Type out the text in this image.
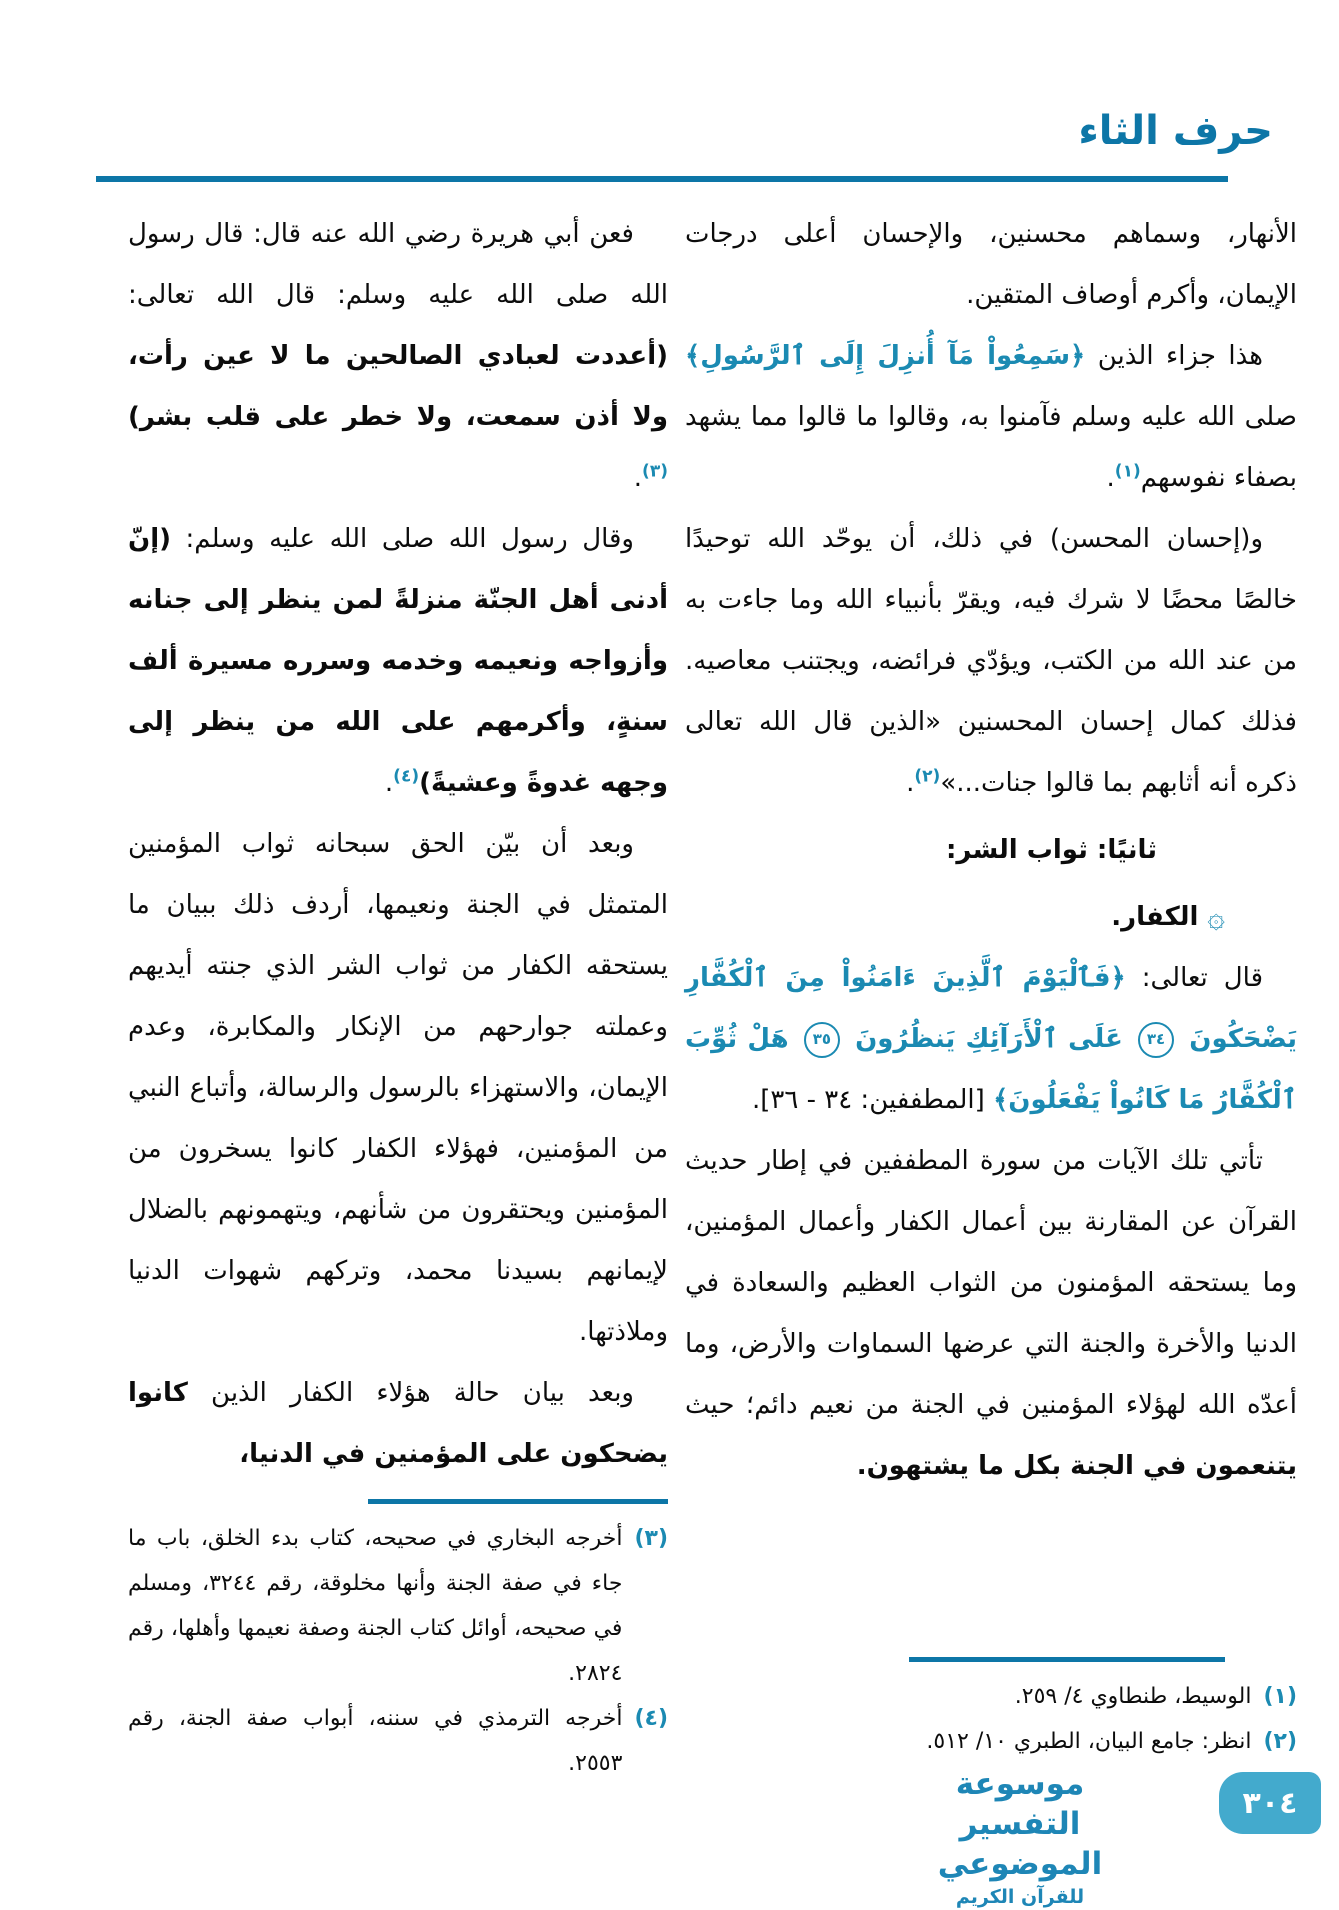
حرف الثاء

الأنهار، وسماهم محسنين، والإحسان أعلى درجات الإيمان، وأكرم أوصاف المتقين.

هذا جزاء الذين ﴿سَمِعُواْ مَآ أُنزِلَ إِلَى ٱلرَّسُولِ﴾ صلى الله عليه وسلم فآمنوا به، وقالوا ما قالوا مما يشهد بصفاء نفوسهم$^{(١)}$.

و(إحسان المحسن) في ذلك، أن يوحّد الله توحيدًا خالصًا محضًا لا شرك فيه، ويقرّ بأنبياء الله وما جاءت به من عند الله من الكتب، ويؤدّي فرائضه، ويجتنب معاصيه. فذلك كمال إحسان المحسنين «الذين قال الله تعالى ذكره أنه أثابهم بما قالوا جنات...»$^{(٢)}$.

ثانيًا: ثواب الشر:

۞ الكفار.

قال تعالى: ﴿فَٱلْيَوْمَ ٱلَّذِينَ ءَامَنُواْ مِنَ ٱلْكُفَّارِ يَضْحَكُونَ ٣٤ عَلَى ٱلْأَرَآئِكِ يَنظُرُونَ ٣٥ هَلْ ثُوِّبَ ٱلْكُفَّارُ مَا كَانُواْ يَفْعَلُونَ﴾ [المطففين: ٣٤ - ٣٦].

تأتي تلك الآيات من سورة المطففين في إطار حديث القرآن عن المقارنة بين أعمال الكفار وأعمال المؤمنين، وما يستحقه المؤمنون من الثواب العظيم والسعادة في الدنيا والأخرة والجنة التي عرضها السماوات والأرض، وما أعدّه الله لهؤلاء المؤمنين في الجنة من نعيم دائم؛ حيث يتنعمون في الجنة بكل ما يشتهون.

(١)
الوسيط، طنطاوي ٤/ ٢٥٩.
(٢)
انظر: جامع البيان، الطبري ١٠/ ٥١٢.

فعن أبي هريرة رضي الله عنه قال: قال رسول الله صلى الله عليه وسلم: قال الله تعالى: (أعددت لعبادي الصالحين ما لا عين رأت، ولا أذن سمعت، ولا خطر على قلب بشر)$^{(٣)}$.

وقال رسول الله صلى الله عليه وسلم: (إنّ أدنى أهل الجنّة منزلةً لمن ينظر إلى جنانه وأزواجه ونعيمه وخدمه وسرره مسيرة ألف سنةٍ، وأكرمهم على الله من ينظر إلى وجهه غدوةً وعشيةً)$^{(٤)}$.

وبعد أن بيّن الحق سبحانه ثواب المؤمنين المتمثل في الجنة ونعيمها، أردف ذلك ببيان ما يستحقه الكفار من ثواب الشر الذي جنته أيديهم وعملته جوارحهم من الإنكار والمكابرة، وعدم الإيمان، والاستهزاء بالرسول والرسالة، وأتباع النبي من المؤمنين، فهؤلاء الكفار كانوا يسخرون من المؤمنين ويحتقرون من شأنهم، ويتهمونهم بالضلال لإيمانهم بسيدنا محمد، وتركهم شهوات الدنيا وملاذتها.

وبعد بيان حالة هؤلاء الكفار الذين كانوا يضحكون على المؤمنين في الدنيا،

(٣)
أخرجه البخاري في صحيحه، كتاب بدء الخلق، باب ما جاء في صفة الجنة وأنها مخلوقة، رقم ٣٢٤٤، ومسلم في صحيحه، أوائل كتاب الجنة وصفة نعيمها وأهلها، رقم ٢٨٢٤.
(٤)
أخرجه الترمذي في سننه، أبواب صفة الجنة، رقم ٢٥٥٣.
موسوعة التفسير الموضوعي
للقرآن الكريم
٣٠٤
